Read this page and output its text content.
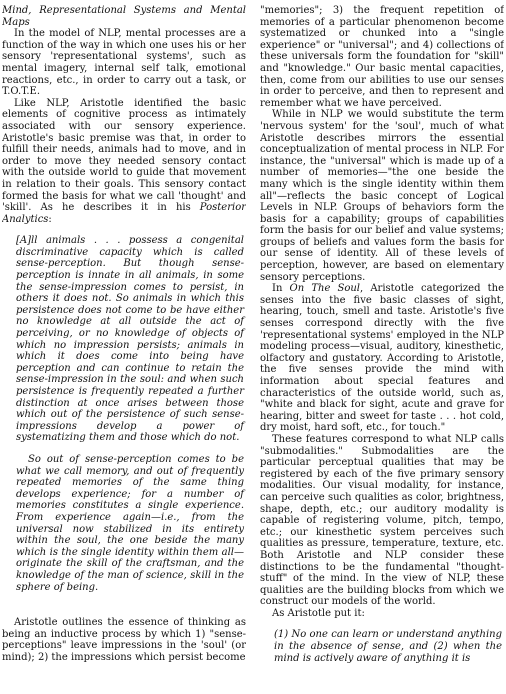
Mind, Representational Systems and Mental Maps

In the model of NLP, mental processes are a function of the way in which one uses his or her sensory 'representational systems', such as mental imagery, internal self talk, emotional reactions, etc., in order to carry out a task, or T.O.T.E.

Like NLP, Aristotle identified the basic elements of cognitive process as intimately associated with our sensory experience. Aristotle's basic premise was that, in order to fulfill their needs, animals had to move, and in order to move they needed sensory contact with the outside world to guide that movement in relation to their goals. This sensory contact formed the basis for what we call 'thought' and 'skill'. As he describes it in his Posterior Analytics:

[A]ll animals . . . possess a congenital discriminative capacity which is called sense-perception. But though sense-perception is innate in all animals, in some the sense-impression comes to persist, in others it does not. So animals in which this persistence does not come to be have either no knowledge at all outside the act of perceiving, or no knowledge of objects of which no impression persists; animals in which it does come into being have perception and can continue to retain the sense-impression in the soul: and when such persistence is frequently repeated a further distinction at once arises between those which out of the persistence of such sense-impressions develop a power of systematizing them and those which do not.

So out of sense-perception comes to be what we call memory, and out of frequently repeated memories of the same thing develops experience; for a number of memories constitutes a single experience. From experience again—i.e., from the universal now stabilized in its entirety within the soul, the one beside the many which is the single identity within them all—originate the skill of the craftsman, and the knowledge of the man of science, skill in the sphere of being.

Aristotle outlines the essence of thinking as being an inductive process by which 1) "sense-perceptions" leave impressions in the 'soul' (or mind); 2) the impressions which persist become

"memories"; 3) the frequent repetition of memories of a particular phenomenon become systematized or chunked into a "single experience" or "universal"; and 4) collections of these universals form the foundation for "skill" and "knowledge." Our basic mental capacities, then, come from our abilities to use our senses in order to perceive, and then to represent and remember what we have perceived.

While in NLP we would substitute the term 'nervous system' for the 'soul', much of what Aristotle describes mirrors the essential conceptualization of mental process in NLP. For instance, the "universal" which is made up of a number of memories—"the one beside the many which is the single identity within them all"—reflects the basic concept of Logical Levels in NLP. Groups of behaviors form the basis for a capability; groups of capabilities form the basis for our belief and value systems; groups of beliefs and values form the basis for our sense of identity. All of these levels of perception, however, are based on elementary sensory perceptions.

In On The Soul, Aristotle categorized the senses into the five basic classes of sight, hearing, touch, smell and taste. Aristotle's five senses correspond directly with the five 'representational systems' employed in the NLP modeling process—visual, auditory, kinesthetic, olfactory and gustatory. According to Aristotle, the five senses provide the mind with information about special features and characteristics of the outside world, such as, "white and black for sight, acute and grave for hearing, bitter and sweet for taste . . . hot cold, dry moist, hard soft, etc., for touch."

These features correspond to what NLP calls "submodalities." Submodalities are the particular perceptual qualities that may be registered by each of the five primary sensory modalities. Our visual modality, for instance, can perceive such qualities as color, brightness, shape, depth, etc.; our auditory modality is capable of registering volume, pitch, tempo, etc.; our kinesthetic system perceives such qualities as pressure, temperature, texture, etc. Both Aristotle and NLP consider these distinctions to be the fundamental "thought-stuff" of the mind. In the view of NLP, these qualities are the building blocks from which we construct our models of the world.

As Aristotle put it:

(1) No one can learn or understand anything in the absence of sense, and (2) when the mind is actively aware of anything it is
